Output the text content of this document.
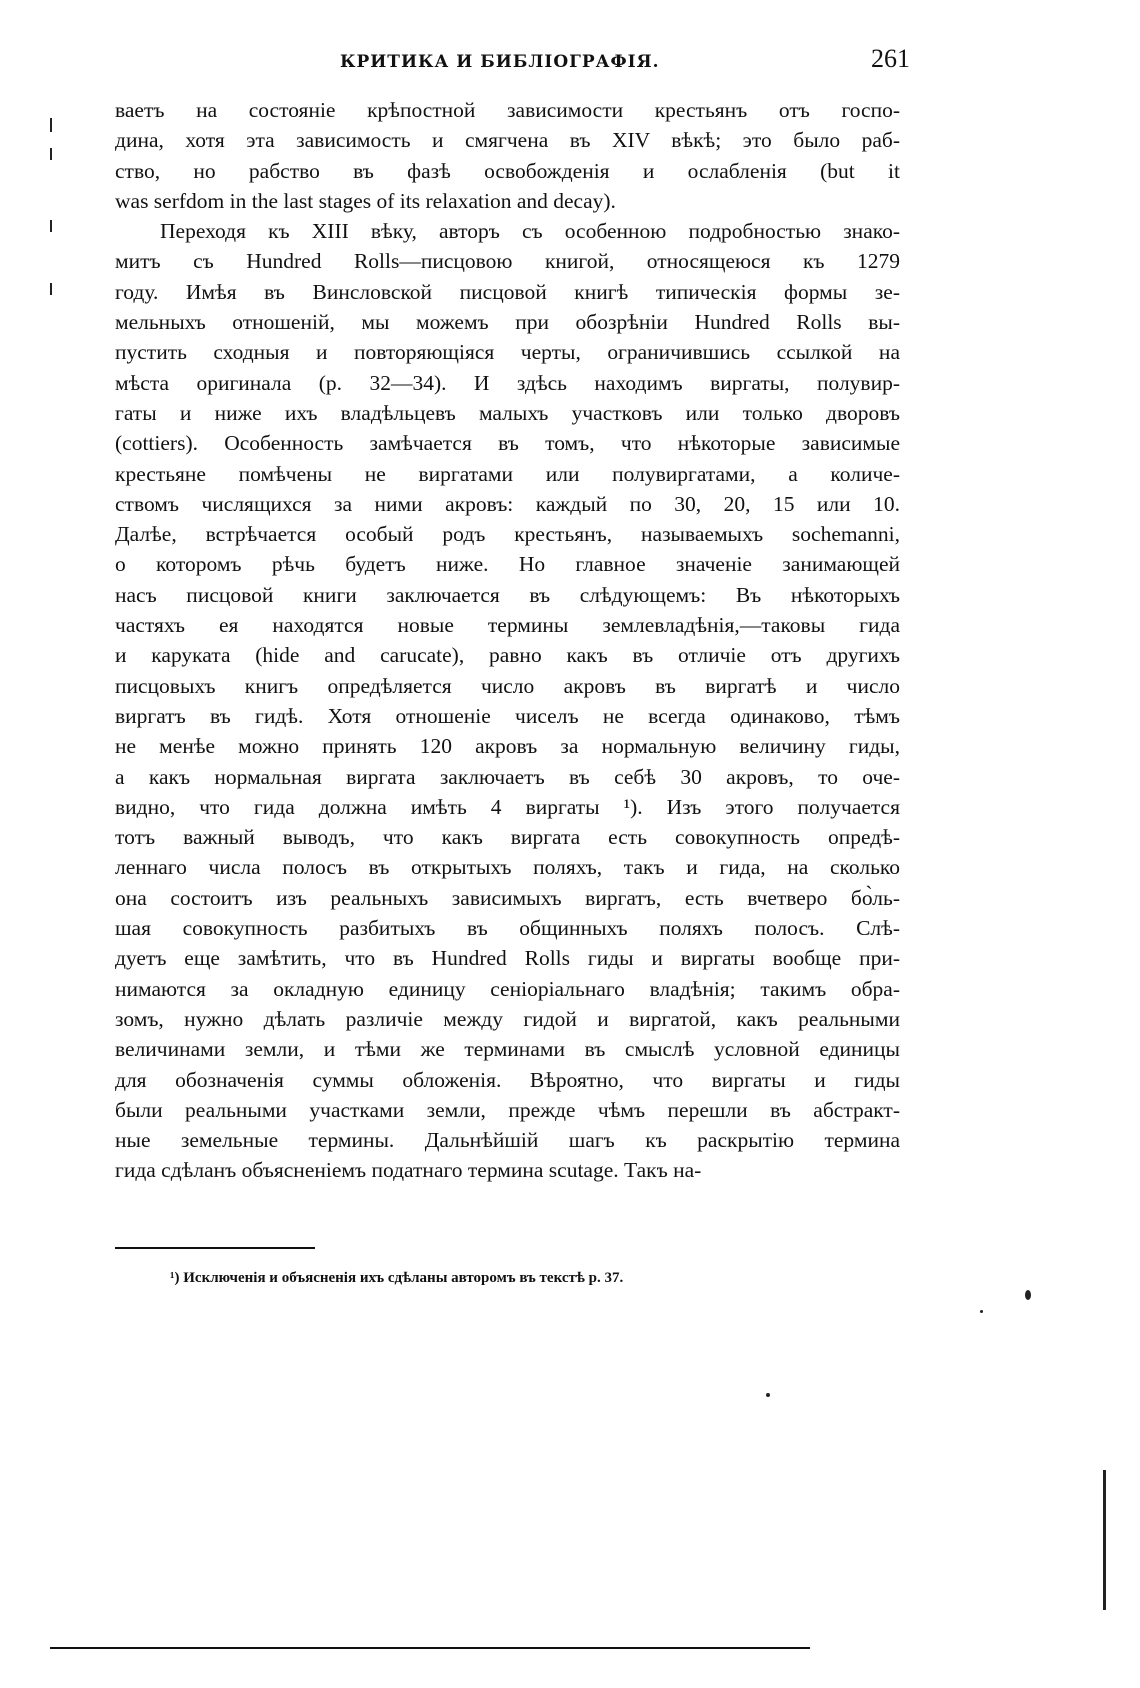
КРИТИКА И БИБЛІОГРАФІЯ.	261
ваетъ на состояніе крѣпостной зависимости крестьянъ отъ госпо-
дина, хотя эта зависимость и смягчена въ XIV вѣкѣ; это было раб-
ство, но рабство въ фазѣ освобожденія и ослабленія (but it
was serfdom in the last stages of its relaxation and decay).
Переходя къ XIII вѣку, авторъ съ особенною подробностью знако-
митъ съ Hundred Rolls—писцовою книгой, относящеюся къ 1279
году. Имѣя въ Винсловской писцовой книгѣ типическія формы зе-
мельныхъ отношеній, мы можемъ при обозрѣніи Hundred Rolls вы-
пустить сходныя и повторяющіяся черты, ограничившись ссылкой на
мѣста оригинала (p. 32—34). И здѣсь находимъ виргаты, полувир-
гаты и ниже ихъ владѣльцевъ малыхъ участковъ или только дворовъ
(cottiers). Особенность замѣчается въ томъ, что нѣкоторые зависимые
крестьяне помѣчены не виргатами или полувиргатами, а количе-
ствомъ числящихся за ними акровъ: каждый по 30, 20, 15 или 10.
Далѣе, встрѣчается особый родъ крестьянъ, называемыхъ sochemanni,
о которомъ рѣчь будетъ ниже. Но главное значеніе занимающей
насъ писцовой книги заключается въ слѣдующемъ: Въ нѣкоторыхъ
частяхъ ея находятся новые термины землевладѣнія,—таковы гида
и каруката (hide and carucate), равно какъ въ отличіе отъ другихъ
писцовыхъ книгъ опредѣляется число акровъ въ виргатѣ и число
виргатъ въ гидѣ. Хотя отношеніе чиселъ не всегда одинаково, тѣмъ
не менѣе можно принять 120 акровъ за нормальную величину гиды,
а какъ нормальная виргата заключаетъ въ себѣ 30 акровъ, то оче-
видно, что гида должна имѣть 4 виргаты ¹). Изъ этого получается
тотъ важный выводъ, что какъ виргата есть совокупность опредѣ-
леннаго числа полосъ въ открытыхъ поляхъ, такъ и гида, на сколько
она состоитъ изъ реальныхъ зависимыхъ виргатъ, есть вчетверо бо̀ль-
шая совокупность разбитыхъ въ общинныхъ поляхъ полосъ. Слѣ-
дуетъ еще замѣтить, что въ Hundred Rolls гиды и виргаты вообще при-
нимаются за окладную единицу сеніоріальнаго владѣнія; такимъ обра-
зомъ, нужно дѣлать различіе между гидой и виргатой, какъ реальными
величинами земли, и тѣми же терминами въ смыслѣ условной единицы
для обозначенія суммы обложенія. Вѣроятно, что виргаты и гиды
были реальными участками земли, прежде чѣмъ перешли въ абстракт-
ные земельные термины. Дальнѣйшій шагъ къ раскрытію термина
гида сдѣланъ объясненіемъ податнаго термина scutage. Такъ на-
¹) Исключенія и объясненія ихъ сдѣланы авторомъ въ текстѣ p. 37.
